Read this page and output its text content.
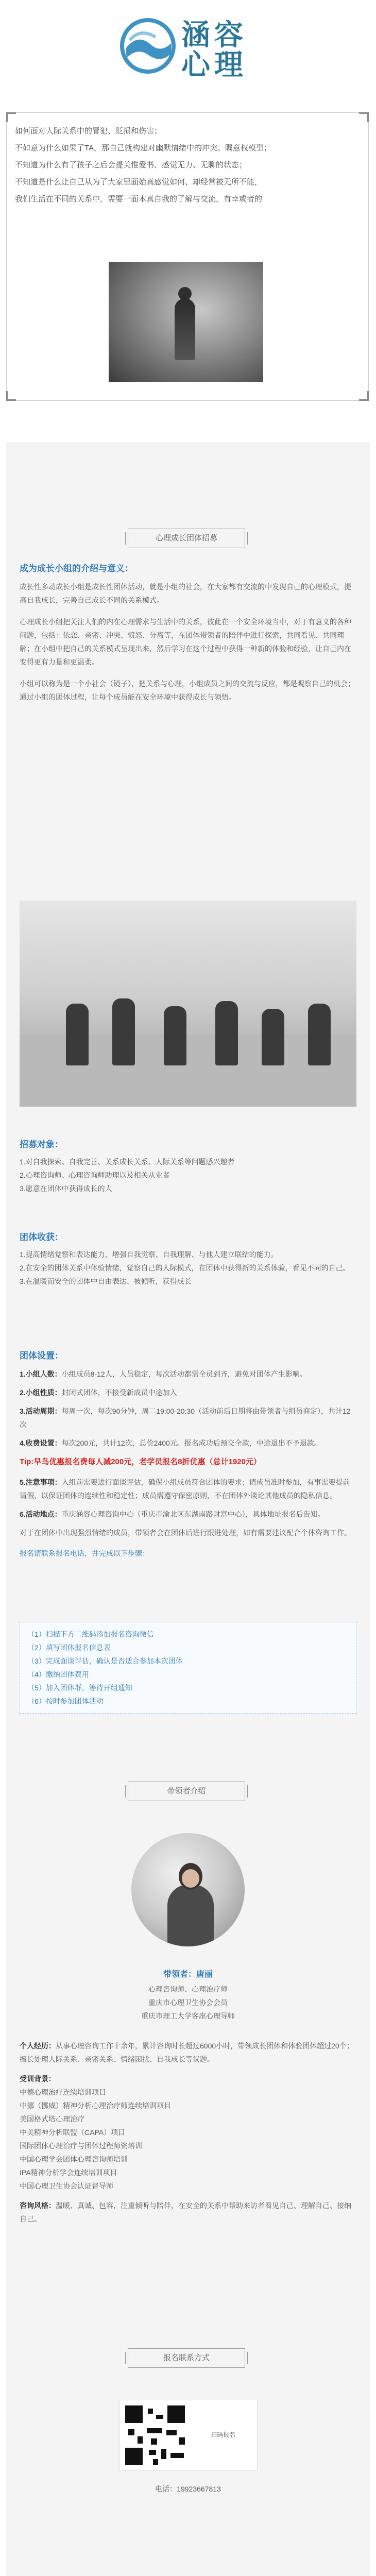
涵容
心理

如何面对人际关系中的冒犯、贬损和伤害；

不如意为什么如果了TA，那自己就构建对幽默情绪中的冲突、瞩意权模型；

不知道为什么有了孩子之后会提关惟爱书、感觉无力、无聊的状态；

不知道是什么让自己从为了大家里面始真感觉如何、却经常被无所不能，

我们生活在不同的关系中，需要一面本真自我的了解与交流，有幸或者的

心理成长团体招募

成为成长小组的介绍与意义：

成长性多动成长小组是成长性团体活动，就是小组的社会，在大家都有交流的中发现自己的心理模式，提高自我成长，完善自己成长不同的关系模式。

心理成长小组把关注人们的内在心理需求与生活中的关系，彼此在一个安全环境当中，对于有意义的各种问题，包括：依恋、亲密、冲突、愤怒、分离等，在团体带领者的陪伴中进行探索，共同看见、共同理解；在小组中把自己的关系模式呈现出来，然后学习在这个过程中获得一种新的体验和经验，让自己内在变得更有力量和更温柔。

小组可以称为是一个小社会（镜子），把关系与心理，小组成员之间的交流与反应，都是观察自己的机会；通过小组的团体过程，让每个成员能在安全环境中获得成长与领悟。

招募对象：

1.对自我探索、自我完善、关系成长关系、人际关系等问题感兴趣者

2.心理咨询师、心理咨询师助理以及相关从业者

3.愿意在团体中获得成长的人

团体收获：

1.提高情绪觉察和表达能力，增强自我觉察、自我理解、与他人建立联结的能力。

2.在安全的团体关系中体验情绪，觉察自己的人际模式，在团体中获得新的关系体验，看见不同的自己。

3.在温暖而安全的团体中自由表达、被倾听，获得成长

团体设置：

1.小组人数：小组成员8-12人，人员稳定，每次活动都需全员到齐，避免对团体产生影响。

2.小组性质：封闭式团体，不接受新成员中途加入

3.活动周期：每周一次，每次90分钟，周二19:00-20:30（活动前后日期将由带领者与组员商定），共计12次

4.收费设置：每次200元，共计12次，总价2400元。报名成功后预交全款，中途退出不予退款。

Tip:早鸟优惠报名费每人减200元，老学员报名8折优惠（总计1920元）

5.注意事项：入组前需要进行面谈评估，确保小组成员符合团体的要求；请成员准时参加，有事需要提前请假，以保证团体的连续性和稳定性；成员需遵守保密原则，不在团体外谈论其他成员的隐私信息。

6.活动地点：重庆涵容心理咨询中心（重庆市渝北区东湖南路财富中心），具体地址报名后告知。

对于在团体中出现强烈情绪的成员，带领者会在团体后进行跟进处理，如有需要建议配合个体咨询工作。

报名请联系报名电话，并完成以下步骤：

（1）扫描下方二维码添加报名咨询微信

（2）填写团体报名信息表

（3）完成面谈评估，确认是否适合参加本次团体

（4）缴纳团体费用

（5）加入团体群，等待开组通知

（6）按时参加团体活动

带领者介绍

带领者：唐丽

心理咨询师、心理治疗师

重庆市心理卫生协会会员

重庆市理工大学客座心理导师

个人经历：从事心理咨询工作十余年，累计咨询时长超过6000小时，带领成长团体和体验团体超过20个；擅长处理人际关系、亲密关系、情绪困扰、自我成长等议题。

受训背景：

中德心理治疗连续培训项目

中挪（挪威）精神分析心理治疗师连续培训项目

美国格式塔心理治疗

中美精神分析联盟（CAPA）项目

国际团体心理治疗与团体过程师资培训

中国心理学会团体心理咨询师培训

IPA精神分析学会连续培训项目

中国心理卫生协会认证督导师

咨询风格：温暖、真诚、包容，注重倾听与陪伴，在安全的关系中帮助来访者看见自己、理解自己、接纳自己。

报名联系方式
扫码报名

电话：19923667813
